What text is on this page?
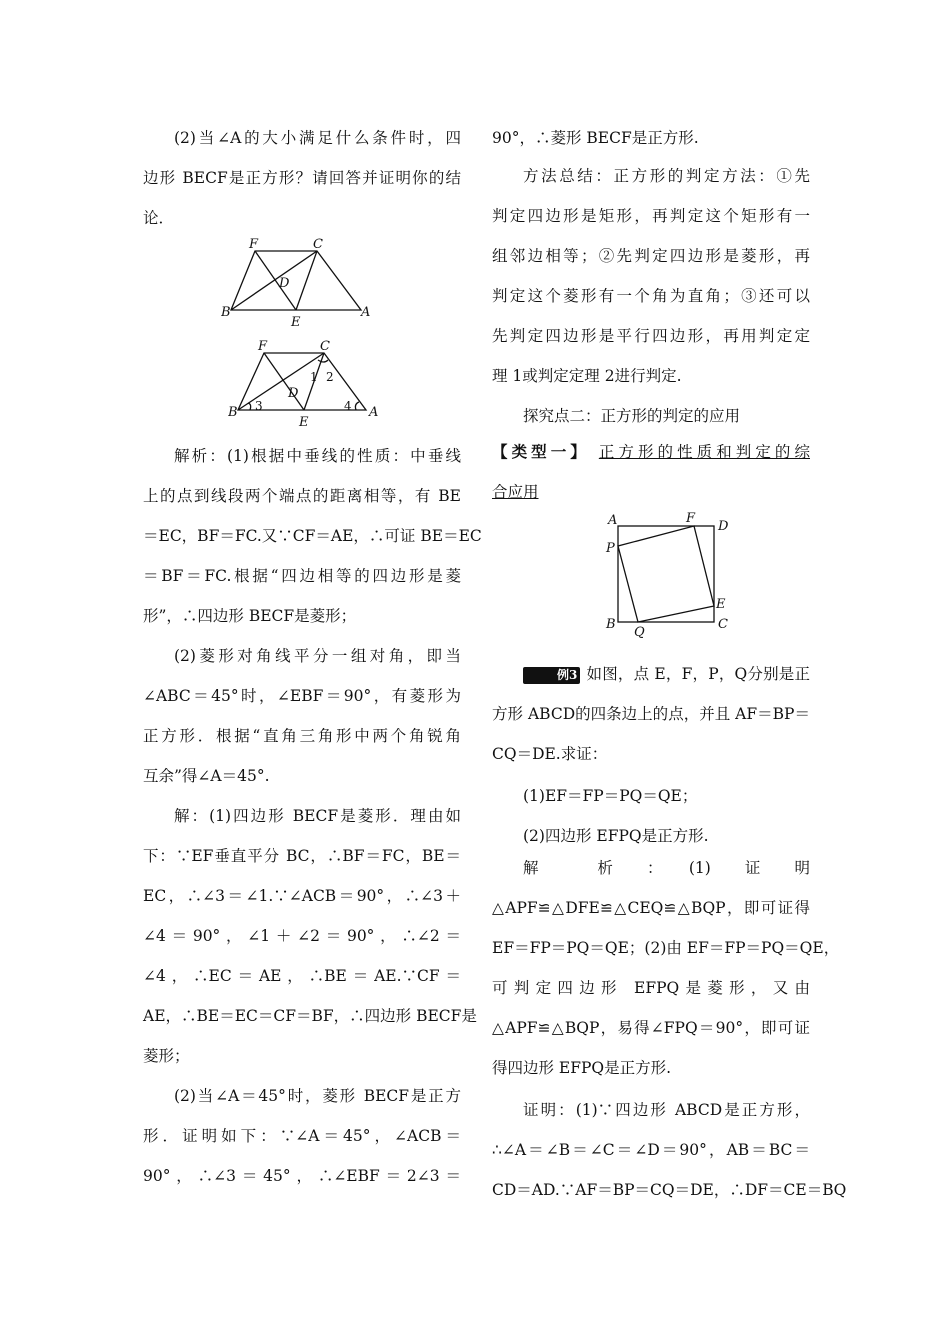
(2)当∠A的大小满足什么条件时，四
边形 BECF是正方形？请回答并证明你的结
论．
F	C
D
B
E
A
F	C
D
B
E
A
1 2
3	4
解析：(1)根据中垂线的性质：中垂线
上的点到线段两个端点的距离相等，有 BE
＝EC，BF＝FC.又∵CF＝AE，∴可证 BE＝EC
＝BF＝FC.根据“四边相等的四边形是菱
形”，∴四边形 BECF是菱形；
(2)菱形对角线平分一组对角，即当
∠ABC＝45°时，∠EBF＝90°，有菱形为
正方形．根据“直角三角形中两个角锐角
互余”得∠A＝45°.
解：(1)四边形 BECF是菱形．理由如
下：∵EF垂直平分 BC，∴BF＝FC，BE＝
EC，∴∠3＝∠1.∵∠ACB＝90°，∴∠3＋
∠4＝90°，∠1＋∠2＝90°，∴∠2＝
∠4，∴EC＝AE，∴BE＝AE.∵CF＝
AE，∴BE＝EC＝CF＝BF，∴四边形 BECF是
菱形；
(2)当∠A＝45°时，菱形 BECF是正方
形．证明如下：∵∠A＝45°，∠ACB＝
90°，∴∠3＝45°，∴∠EBF＝2∠3＝
90°，∴菱形 BECF是正方形.
方法总结：正方形的判定方法：①先
判定四边形是矩形，再判定这个矩形有一
组邻边相等；②先判定四边形是菱形，再
判定这个菱形有一个角为直角；③还可以
先判定四边形是平行四边形，再用判定定
理 1或判定定理 2进行判定.
探究点二：正方形的判定的应用
【类型一】 正方形的性质和判定的综
合应用
A	F
D
P
E
B
Q
C
例3 如图，点 E，F，P，Q分别是正
方形 ABCD的四条边上的点，并且 AF＝BP＝
CQ＝DE.求证：
(1)EF＝FP＝PQ＝QE；
(2)四边形 EFPQ是正方形.
解　　析　：　(1)　证　明
△APF≌△DFE≌△CEQ≌△BQP，即可证得
EF＝FP＝PQ＝QE；(2)由 EF＝FP＝PQ＝QE，
可判定四边形 EFPQ是菱形，又由
△APF≌△BQP，易得∠FPQ＝90°，即可证
得四边形 EFPQ是正方形.
证明：(1)∵四边形 ABCD是正方形，
∴∠A＝∠B＝∠C＝∠D＝90°，AB＝BC＝
CD＝AD.∵AF＝BP＝CQ＝DE，∴DF＝CE＝BQ
